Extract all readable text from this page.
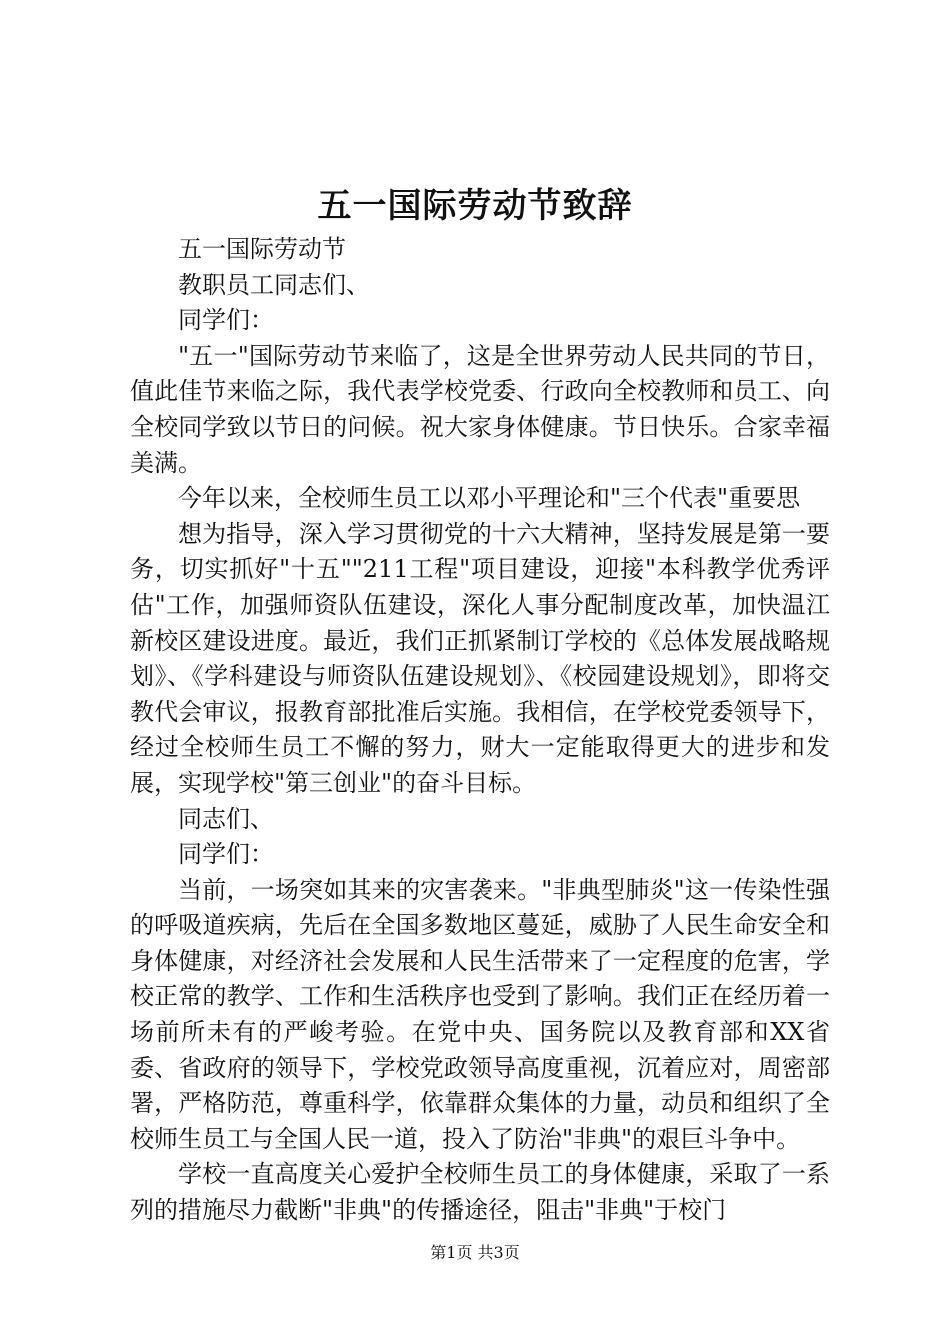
五一国际劳动节致辞

五一国际劳动节

教职员工同志们、

同学们：

"五一"国际劳动节来临了，这是全世界劳动人民共同的节日，值此佳节来临之际，我代表学校党委、行政向全校教师和员工、向全校同学致以节日的问候。祝大家身体健康。节日快乐。合家幸福美满。

今年以来，全校师生员工以邓小平理论和"三个代表"重要思

想为指导，深入学习贯彻党的十六大精神，坚持发展是第一要务，切实抓好"十五""211工程"项目建设，迎接"本科教学优秀评估"工作，加强师资队伍建设，深化人事分配制度改革，加快温江新校区建设进度。最近，我们正抓紧制订学校的《总体发展战略规划》、《学科建设与师资队伍建设规划》、《校园建设规划》，即将交教代会审议，报教育部批准后实施。我相信，在学校党委领导下，经过全校师生员工不懈的努力，财大一定能取得更大的进步和发展，实现学校"第三创业"的奋斗目标。

同志们、

同学们：

当前，一场突如其来的灾害袭来。"非典型肺炎"这一传染性强的呼吸道疾病，先后在全国多数地区蔓延，威胁了人民生命安全和身体健康，对经济社会发展和人民生活带来了一定程度的危害，学校正常的教学、工作和生活秩序也受到了影响。我们正在经历着一场前所未有的严峻考验。在党中央、国务院以及教育部和XX省委、省政府的领导下，学校党政领导高度重视，沉着应对，周密部署，严格防范，尊重科学，依靠群众集体的力量，动员和组织了全校师生员工与全国人民一道，投入了防治"非典"的艰巨斗争中。

学校一直高度关心爱护全校师生员工的身体健康，采取了一系列的措施尽力截断"非典"的传播途径，阻击"非典"于校门

第1页 共3页
